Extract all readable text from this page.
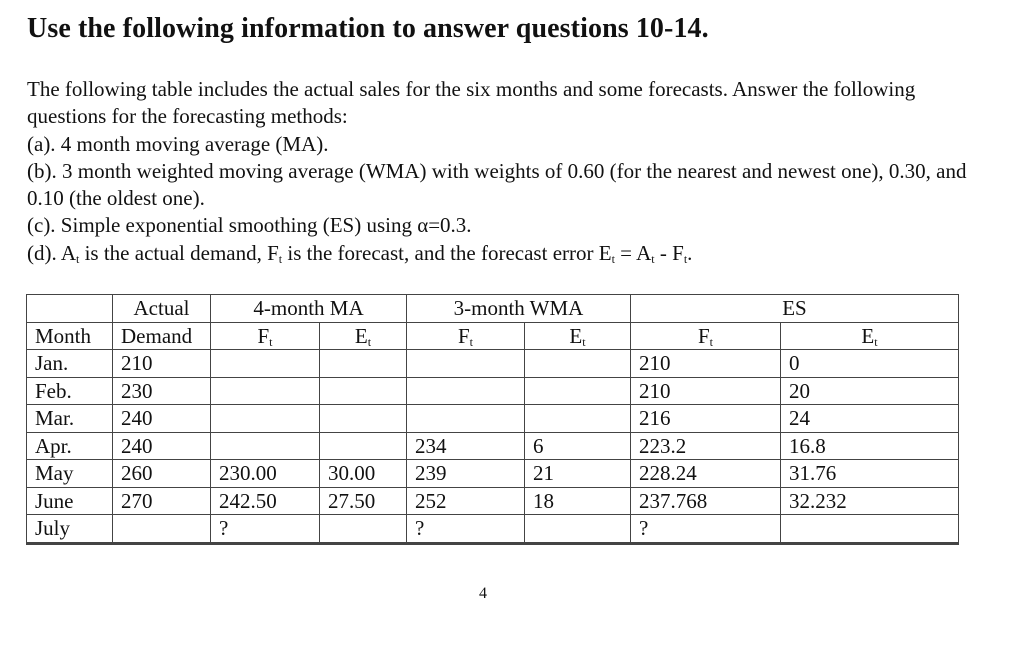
Use the following information to answer questions 10-14.

The following table includes the actual sales for the six months and some forecasts. Answer the following questions for the forecasting methods:

(a). 4 month moving average (MA).

(b). 3 month weighted moving average (WMA) with weights of 0.60 (for the nearest and newest one), 0.30, and 0.10 (the oldest one).

(c). Simple exponential smoothing (ES) using α=0.3.

(d). $A_t$ is the actual demand, $F_t$ is the forecast, and the forecast error $E_t = A_t - F_t$.

	Actual	4-month MA		3-month WMA		ES	
Month	Demand	$F_t$	$E_t$	$F_t$	$E_t$	$F_t$	$E_t$
Jan.	210					210	0
Feb.	230					210	20
Mar.	240					216	24
Apr.	240			234	6	223.2	16.8
May	260	230.00	30.00	239	21	228.24	31.76
June	270	242.50	27.50	252	18	237.768	32.232
July		?		?		?	
4
